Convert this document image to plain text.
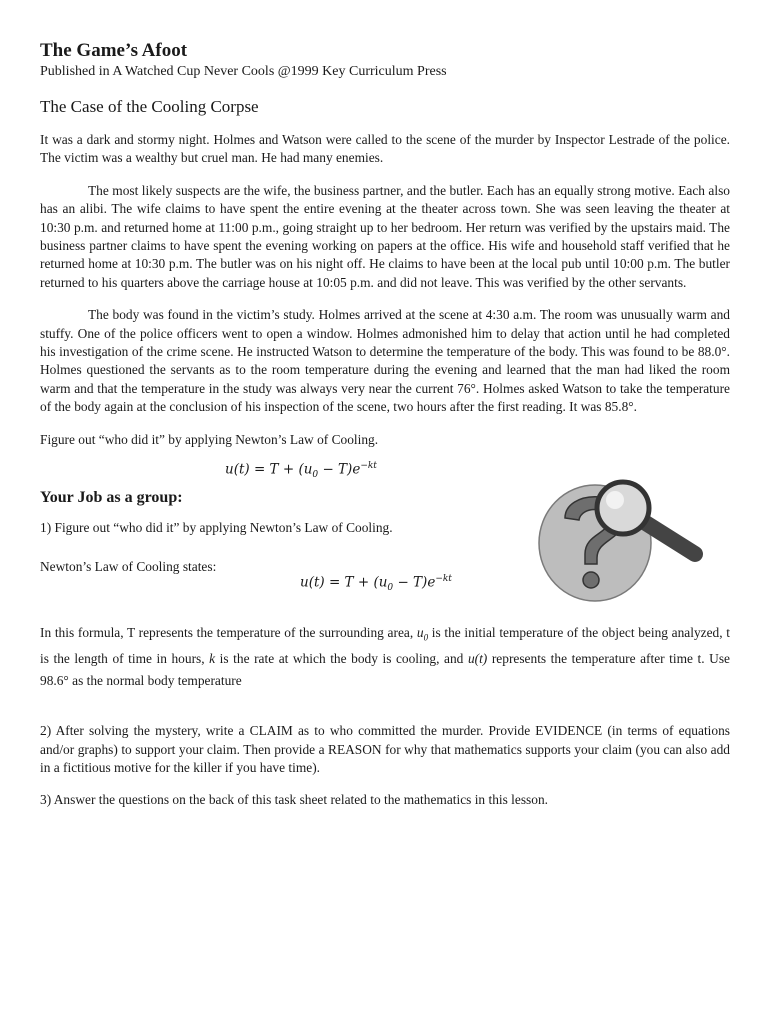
The Game’s Afoot

Published in A Watched Cup Never Cools @1999 Key Curriculum Press

The Case of the Cooling Corpse

It was a dark and stormy night. Holmes and Watson were called to the scene of the murder by Inspector Lestrade of the police. The victim was a wealthy but cruel man. He had many enemies.

The most likely suspects are the wife, the business partner, and the butler. Each has an equally strong motive. Each also has an alibi. The wife claims to have spent the entire evening at the theater across town. She was seen leaving the theater at 10:30 p.m. and returned home at 11:00 p.m., going straight up to her bedroom. Her return was verified by the upstairs maid. The business partner claims to have spent the evening working on papers at the office. His wife and household staff verified that he returned home at 10:30 p.m. The butler was on his night off. He claims to have been at the local pub until 10:00 p.m. The butler returned to his quarters above the carriage house at 10:05 p.m. and did not leave. This was verified by the other servants.

The body was found in the victim’s study. Holmes arrived at the scene at 4:30 a.m. The room was unusually warm and stuffy. One of the police officers went to open a window. Holmes admonished him to delay that action until he had completed his investigation of the crime scene. He instructed Watson to determine the temperature of the body. This was found to be 88.0°. Holmes questioned the servants as to the room temperature during the evening and learned that the man had liked the room warm and that the temperature in the study was always very near the current 76°. Holmes asked Watson to take the temperature of the body again at the conclusion of his inspection of the scene, two hours after the first reading. It was 85.8°.

Figure out “who did it” by applying Newton’s Law of Cooling.

$u(t) = T + (u_0 - T)e^{-kt}$
Your Job as a group:

1) Figure out “who did it” by applying Newton’s Law of Cooling.

Newton’s Law of Cooling states:
$u(t) = T + (u_0 - T)e^{-kt}$

In this formula, T represents the temperature of the surrounding area, $u_0$ is the initial temperature of the object being analyzed, t is the length of time in hours, k is the rate at which the body is cooling, and u(t) represents the temperature after time t. Use 98.6° as the normal body temperature

2) After solving the mystery, write a CLAIM as to who committed the murder. Provide EVIDENCE (in terms of equations and/or graphs) to support your claim. Then provide a REASON for why that mathematics supports your claim (you can also add in a fictitious motive for the killer if you have time).

3) Answer the questions on the back of this task sheet related to the mathematics in this lesson.
